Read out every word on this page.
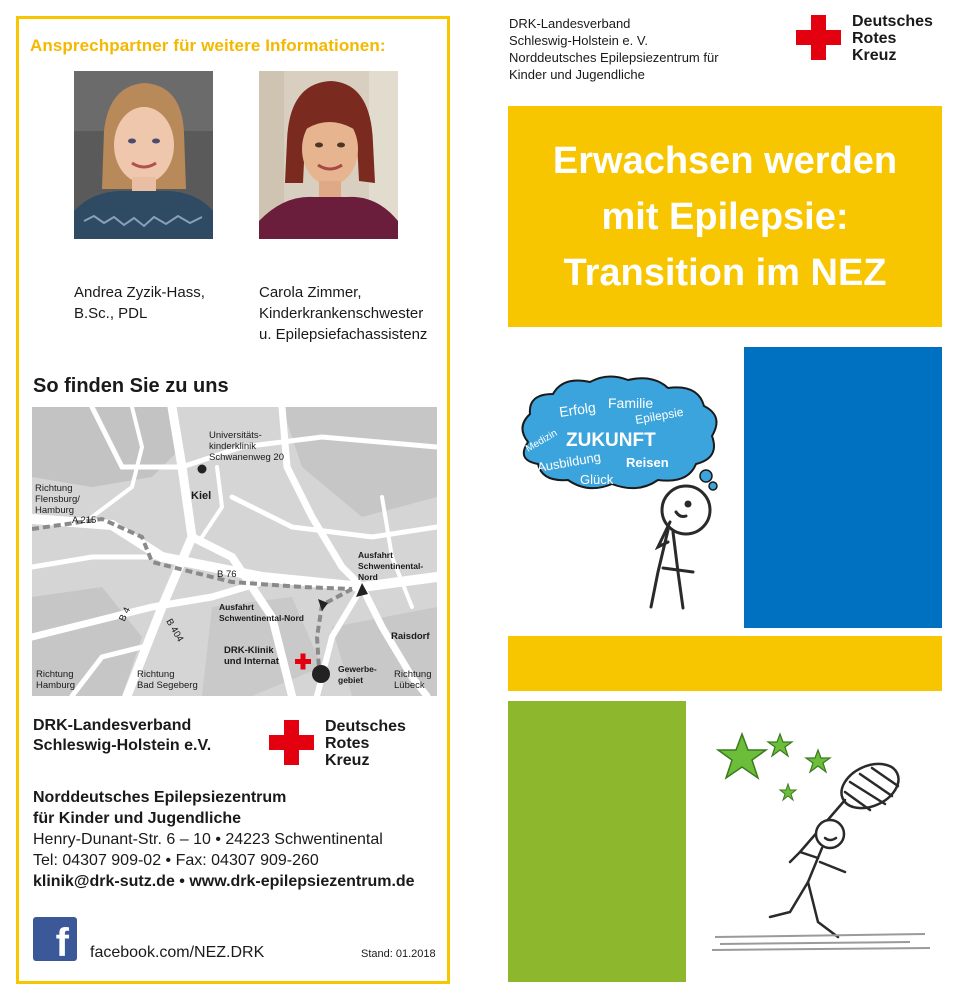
Ansprechpartner für weitere Informationen:
Andrea Zyzik-Hass,
B.Sc., PDL
Carola Zimmer,
Kinderkrankenschwester
u. Epilepsiefachassistenz
So finden Sie zu uns
Universitäts-
kinderklinik
Schwanenweg 20
Kiel
Richtung
Flensburg/
Hamburg
A 215
B 76
Ausfahrt
Schwentinental-
Nord
Ausfahrt
Schwentinental-Nord
B 4
B 404	Raisdorf
DRK-Klinik
und Internat
Gewerbe-
gebiet
Richtung
Hamburg
Richtung
Bad Segeberg
Richtung
Lübeck
DRK-Landesverband
Schleswig-Holstein e.V.
Deutsches
Rotes
Kreuz
Norddeutsches Epilepsiezentrum
für Kinder und Jugendliche
Henry-Dunant-Str. 6 – 10 • 24223 Schwentinental
Tel: 04307 909-02 • Fax: 04307 909-260
klinik@drk-sutz.de • www.drk-epilepsiezentrum.de
f	facebook.com/NEZ.DRK	Stand: 01.2018
DRK-Landesverband
Schleswig-Holstein e. V.
Norddeutsches Epilepsiezentrum für
Kinder und Jugendliche
Deutsches
Rotes
Kreuz
Erwachsen werden
mit Epilepsie:
Transition im NEZ
Familie
Erfolg	Epilepsie
Medizin ZUKUNFT
Ausbildung Reisen
Glück
